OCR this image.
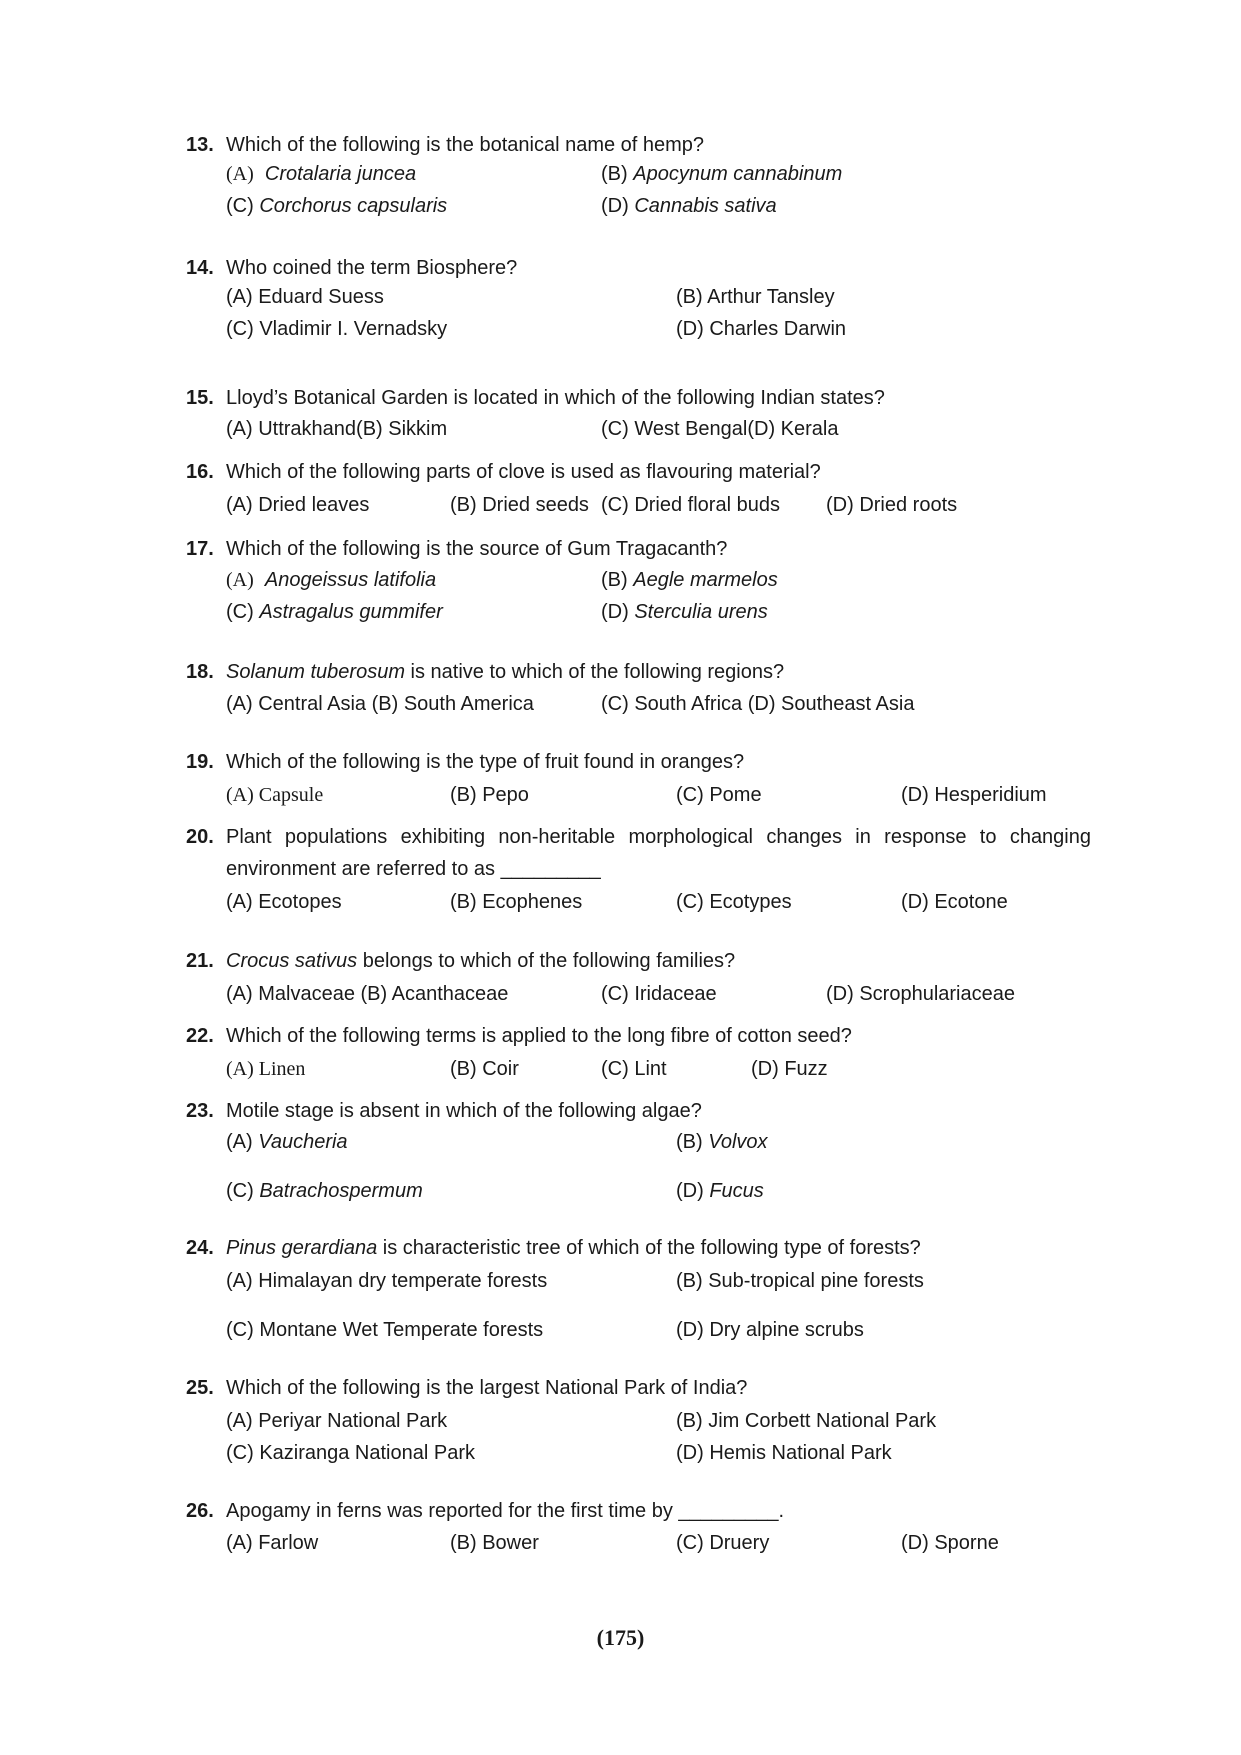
13. Which of the following is the botanical name of hemp?
(A) Crotalaria juncea	(B) Apocynum cannabinum
(C) Corchorus capsularis	(D) Cannabis sativa
14. Who coined the term Biosphere?
(A) Eduard Suess	(B) Arthur Tansley
(C) Vladimir I. Vernadsky	(D) Charles Darwin
15. Lloyd’s Botanical Garden is located in which of the following Indian states?
(A) Uttrakhand(B) Sikkim	(C) West Bengal(D) Kerala
16. Which of the following parts of clove is used as flavouring material?
(A) Dried leaves	(B) Dried seeds (C) Dried floral buds (D) Dried roots
17. Which of the following is the source of Gum Tragacanth?
(A) Anogeissus latifolia	(B) Aegle marmelos
(C) Astragalus gummifer	(D) Sterculia urens
18. Solanum tuberosum is native to which of the following regions?
(A) Central Asia (B) South America	(C) South Africa (D) Southeast Asia
19. Which of the following is the type of fruit found in oranges?
(A) Capsule	(B) Pepo	(C) Pome	(D) Hesperidium
20. Plant populations exhibiting non-heritable morphological changes in response to changing
environment are referred to as _________
(A) Ecotopes	(B) Ecophenes	(C) Ecotypes	(D) Ecotone
21. Crocus sativus belongs to which of the following families?
(A) Malvaceae (B) Acanthaceae	(C) Iridaceae	(D) Scrophulariaceae
22. Which of the following terms is applied to the long fibre of cotton seed?
(A) Linen	(B) Coir	(C) Lint	(D) Fuzz
23. Motile stage is absent in which of the following algae?
(A) Vaucheria	(B) Volvox
(C) Batrachospermum	(D) Fucus
24. Pinus gerardiana is characteristic tree of which of the following type of forests?
(A) Himalayan dry temperate forests	(B) Sub-tropical pine forests
(C) Montane Wet Temperate forests	(D) Dry alpine scrubs
25. Which of the following is the largest National Park of India?
(A) Periyar National Park	(B) Jim Corbett National Park
(C) Kaziranga National Park	(D) Hemis National Park
26. Apogamy in ferns was reported for the first time by _________.
(A) Farlow	(B) Bower	(C) Druery	(D) Sporne
(175)
